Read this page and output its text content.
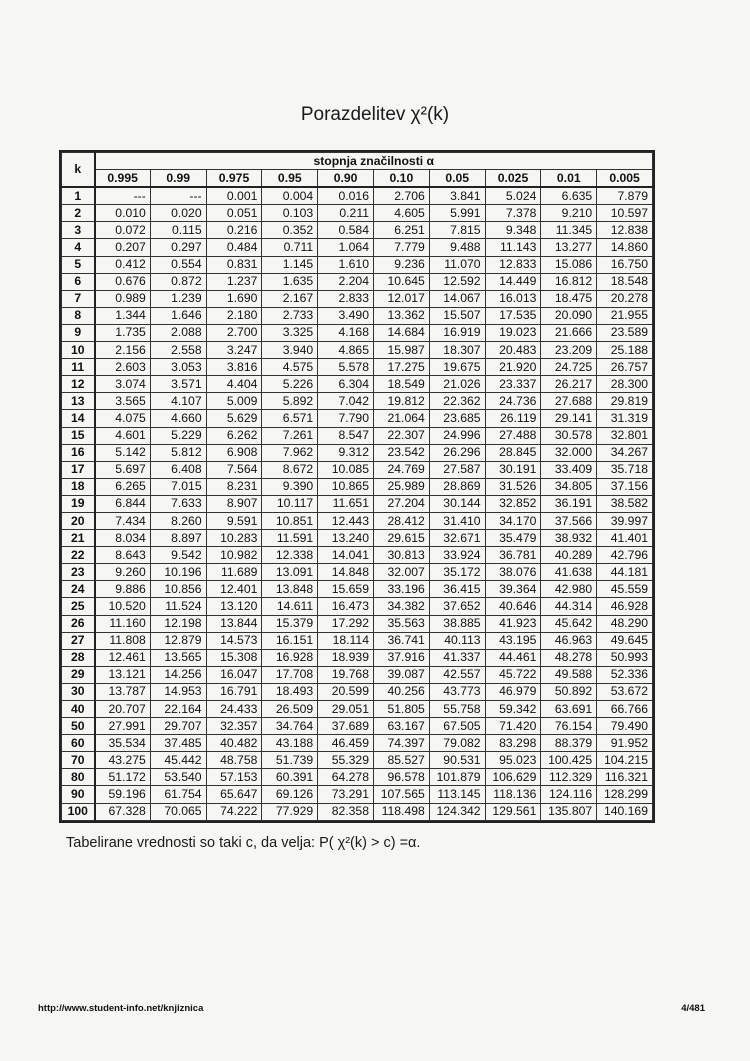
Porazdelitev χ²(k)
k	stopnja značilnosti α									
	0.995	0.99	0.975	0.95	0.90	0.10	0.05	0.025	0.01	0.005
1	---	---	0.001	0.004	0.016	2.706	3.841	5.024	6.635	7.879
2	0.010	0.020	0.051	0.103	0.211	4.605	5.991	7.378	9.210	10.597
3	0.072	0.115	0.216	0.352	0.584	6.251	7.815	9.348	11.345	12.838
4	0.207	0.297	0.484	0.711	1.064	7.779	9.488	11.143	13.277	14.860
5	0.412	0.554	0.831	1.145	1.610	9.236	11.070	12.833	15.086	16.750
6	0.676	0.872	1.237	1.635	2.204	10.645	12.592	14.449	16.812	18.548
7	0.989	1.239	1.690	2.167	2.833	12.017	14.067	16.013	18.475	20.278
8	1.344	1.646	2.180	2.733	3.490	13.362	15.507	17.535	20.090	21.955
9	1.735	2.088	2.700	3.325	4.168	14.684	16.919	19.023	21.666	23.589
10	2.156	2.558	3.247	3.940	4.865	15.987	18.307	20.483	23.209	25.188
11	2.603	3.053	3.816	4.575	5.578	17.275	19.675	21.920	24.725	26.757
12	3.074	3.571	4.404	5.226	6.304	18.549	21.026	23.337	26.217	28.300
13	3.565	4.107	5.009	5.892	7.042	19.812	22.362	24.736	27.688	29.819
14	4.075	4.660	5.629	6.571	7.790	21.064	23.685	26.119	29.141	31.319
15	4.601	5.229	6.262	7.261	8.547	22.307	24.996	27.488	30.578	32.801
16	5.142	5.812	6.908	7.962	9.312	23.542	26.296	28.845	32.000	34.267
17	5.697	6.408	7.564	8.672	10.085	24.769	27.587	30.191	33.409	35.718
18	6.265	7.015	8.231	9.390	10.865	25.989	28.869	31.526	34.805	37.156
19	6.844	7.633	8.907	10.117	11.651	27.204	30.144	32.852	36.191	38.582
20	7.434	8.260	9.591	10.851	12.443	28.412	31.410	34.170	37.566	39.997
21	8.034	8.897	10.283	11.591	13.240	29.615	32.671	35.479	38.932	41.401
22	8.643	9.542	10.982	12.338	14.041	30.813	33.924	36.781	40.289	42.796
23	9.260	10.196	11.689	13.091	14.848	32.007	35.172	38.076	41.638	44.181
24	9.886	10.856	12.401	13.848	15.659	33.196	36.415	39.364	42.980	45.559
25	10.520	11.524	13.120	14.611	16.473	34.382	37.652	40.646	44.314	46.928
26	11.160	12.198	13.844	15.379	17.292	35.563	38.885	41.923	45.642	48.290
27	11.808	12.879	14.573	16.151	18.114	36.741	40.113	43.195	46.963	49.645
28	12.461	13.565	15.308	16.928	18.939	37.916	41.337	44.461	48.278	50.993
29	13.121	14.256	16.047	17.708	19.768	39.087	42.557	45.722	49.588	52.336
30	13.787	14.953	16.791	18.493	20.599	40.256	43.773	46.979	50.892	53.672
40	20.707	22.164	24.433	26.509	29.051	51.805	55.758	59.342	63.691	66.766
50	27.991	29.707	32.357	34.764	37.689	63.167	67.505	71.420	76.154	79.490
60	35.534	37.485	40.482	43.188	46.459	74.397	79.082	83.298	88.379	91.952
70	43.275	45.442	48.758	51.739	55.329	85.527	90.531	95.023	100.425	104.215
80	51.172	53.540	57.153	60.391	64.278	96.578	101.879	106.629	112.329	116.321
90	59.196	61.754	65.647	69.126	73.291	107.565	113.145	118.136	124.116	128.299
100	67.328	70.065	74.222	77.929	82.358	118.498	124.342	129.561	135.807	140.169
Tabelirane vrednosti so taki c, da velja: P( χ²(k) > c) =α.
http://www.student-info.net/knjiznica	4/481
